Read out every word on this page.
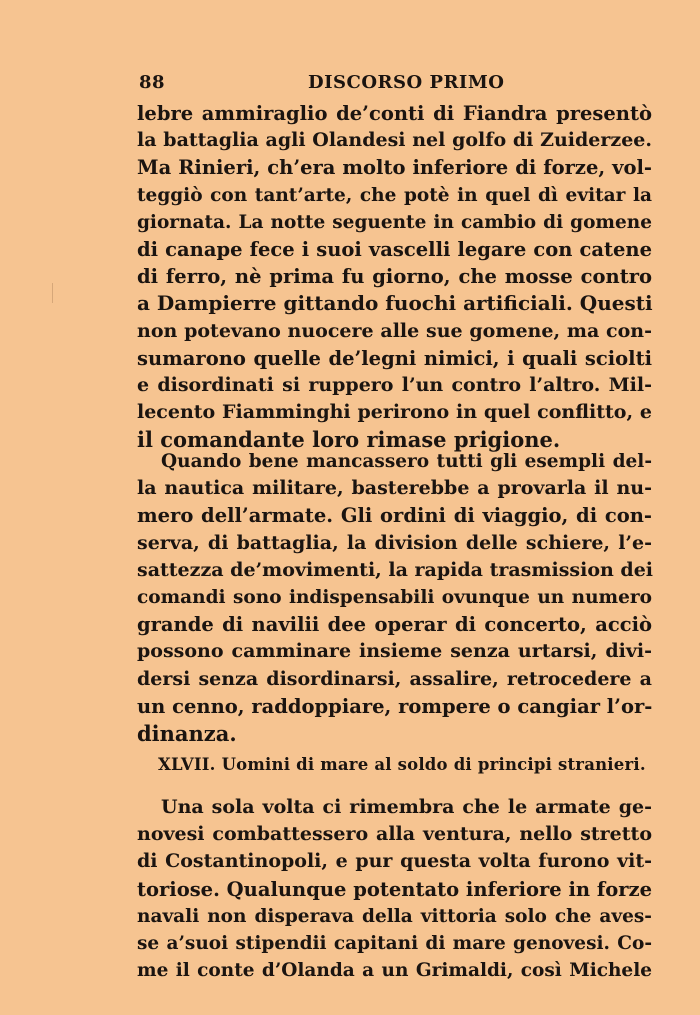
88	DISCORSO PRIMO
lebre ammiraglio de’conti di Fiandra presentò
la battaglia agli Olandesi nel golfo di Zuiderzee.
Ma Rinieri, ch’era molto inferiore di forze, vol-
teggiò con tant’arte, che potè in quel dì evitar la
giornata. La notte seguente in cambio di gomene
di canape fece i suoi vascelli legare con catene
di ferro, nè prima fu giorno, che mosse contro
a Dampierre gittando fuochi artificiali. Questi
non potevano nuocere alle sue gomene, ma con-
sumarono quelle de’legni nimici, i quali sciolti
e disordinati si ruppero l’un contro l’altro. Mil-
lecento Fiamminghi perirono in quel conflitto, e
il comandante loro rimase prigione.
Quando bene mancassero tutti gli esempli del-
la nautica militare, basterebbe a provarla il nu-
mero dell’armate. Gli ordini di viaggio, di con-
serva, di battaglia, la division delle schiere, l’e-
sattezza de’movimenti, la rapida trasmission dei
comandi sono indispensabili ovunque un numero
grande di navilii dee operar di concerto, acciò
possono camminare insieme senza urtarsi, divi-
dersi senza disordinarsi, assalire, retrocedere a
un cenno, raddoppiare, rompere o cangiar l’or-
dinanza.
XLVII. Uomini di mare al soldo di principi stranieri.
Una sola volta ci rimembra che le armate ge-
novesi combattessero alla ventura, nello stretto
di Costantinopoli, e pur questa volta furono vit-
toriose. Qualunque potentato inferiore in forze
navali non disperava della vittoria solo che aves-
se a’suoi stipendii capitani di mare genovesi. Co-
me il conte d’Olanda a un Grimaldi, così Michele
